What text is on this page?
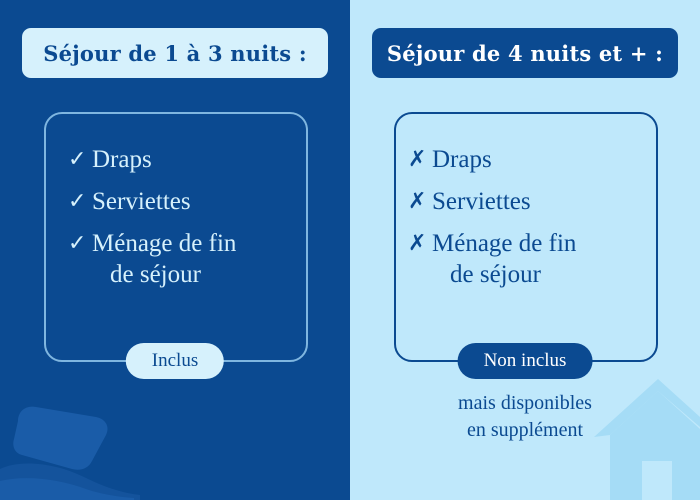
Séjour de 1 à 3 nuits :
✓ Draps
✓ Serviettes
✓ Ménage de fin
de séjour
Inclus
Séjour de 4 nuits et + :
✗ Draps
✗ Serviettes
✗ Ménage de fin
de séjour
Non inclus
mais disponibles
en supplément
